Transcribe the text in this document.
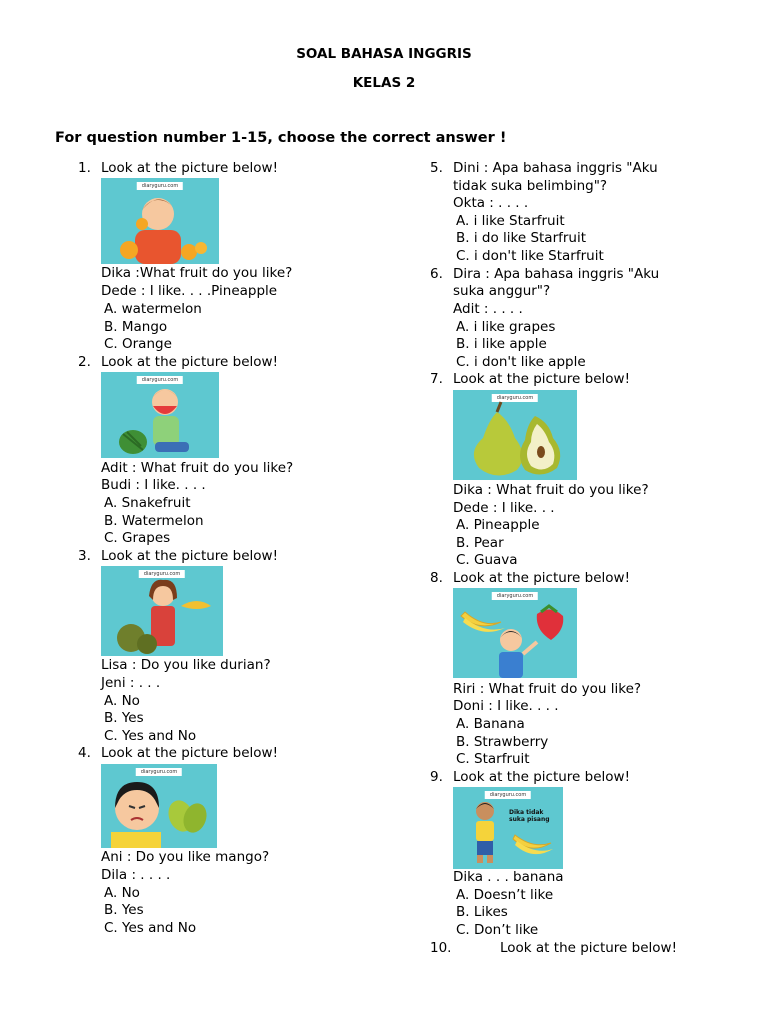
SOAL BAHASA INGGRIS
KELAS 2
For question number 1-15, choose the correct answer !
1. Look at the picture below!
diaryguru.com
Dika :What fruit do you like?
Dede : I like. . . .Pineapple
A. watermelon
B. Mango
C. Orange
2. Look at the picture below!
diaryguru.com
Adit : What fruit do you like?
Budi : I like. . . .
A. Snakefruit
B. Watermelon
C. Grapes
3. Look at the picture below!
diaryguru.com
Lisa : Do you like durian?
Jeni : . . .
A. No
B. Yes
C. Yes and No
4. Look at the picture below!
diaryguru.com
Ani : Do you like mango?
Dila : . . . .
A. No
B. Yes
C. Yes and No
5. Dini : Apa bahasa inggris "Aku
tidak suka belimbing"?
Okta : . . . .
A. i like Starfruit
B. i do like Starfruit
C. i don't like Starfruit
6. Dira : Apa bahasa inggris "Aku
suka anggur"?
Adit : . . . .
A. i like grapes
B. i like apple
C. i don't like apple
7. Look at the picture below!
diaryguru.com
Dika : What fruit do you like?
Dede : I like. . .
A. Pineapple
B. Pear
C. Guava
8. Look at the picture below!
diaryguru.com
Riri : What fruit do you like?
Doni : I like. . . .
A. Banana
B. Strawberry
C. Starfruit
9. Look at the picture below!
diaryguru.com
Dika tidak
suka pisang
Dika . . . banana
A. Doesn’t like
B. Likes
C. Don’t like
10.	Look at the picture below!
